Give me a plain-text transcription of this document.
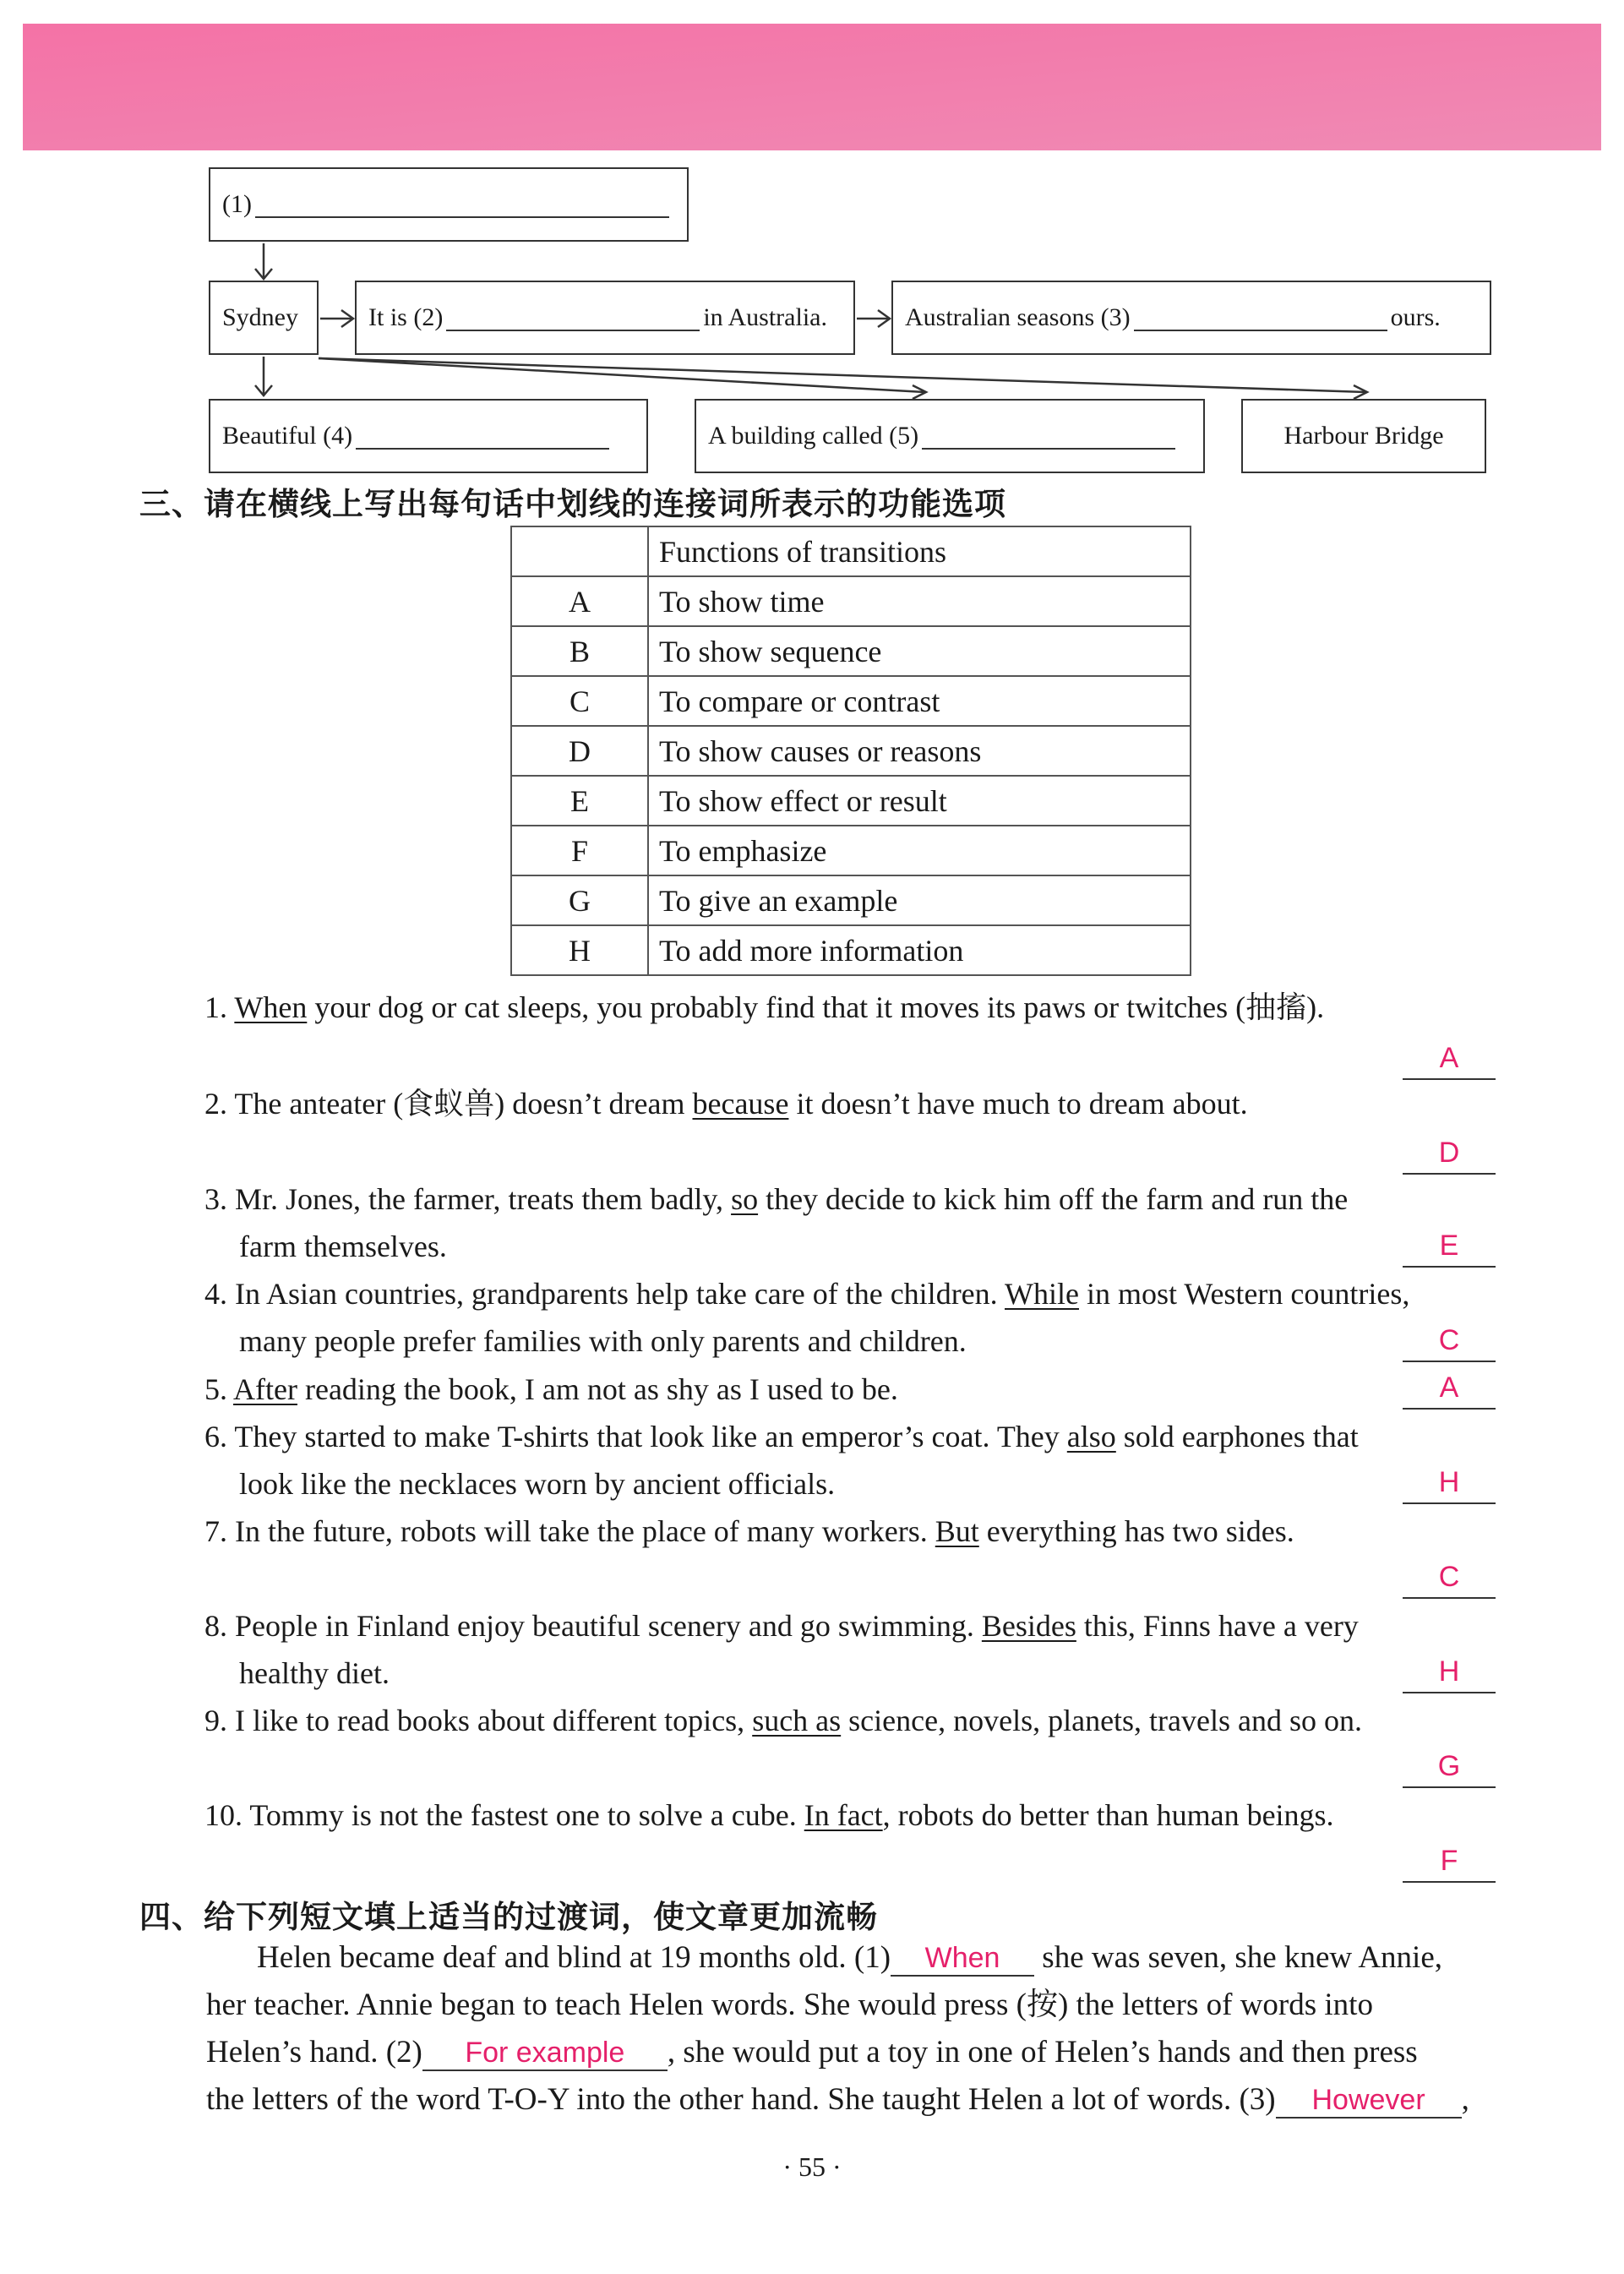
(1)
Sydney	It is (2)	in Australia.	Australian seasons (3)	ours.
Beautiful (4)	A building called (5)	Harbour Bridge
三、请在横线上写出每句话中划线的连接词所表示的功能选项
	Functions of transitions
A	To show time
B	To show sequence
C	To compare or contrast
D	To show causes or reasons
E	To show effect or result
F	To emphasize
G	To give an example
H	To add more information
1. When your dog or cat sleeps, you probably find that it moves its paws or twitches (抽搐).
A
2. The anteater (食蚁兽) doesn’t dream because it doesn’t have much to dream about.
D
3. Mr. Jones, the farmer, treats them badly, so they decide to kick him off the farm and run the
farm themselves.	E
4. In Asian countries, grandparents help take care of the children. While in most Western countries,
many people prefer families with only parents and children.	C
5. After reading the book, I am not as shy as I used to be.	A
6. They started to make T-shirts that look like an emperor’s coat. They also sold earphones that
look like the necklaces worn by ancient officials.	H
7. In the future, robots will take the place of many workers. But everything has two sides.
C
8. People in Finland enjoy beautiful scenery and go swimming. Besides this, Finns have a very
healthy diet.	H
9. I like to read books about different topics, such as science, novels, planets, travels and so on.
G
10. Tommy is not the fastest one to solve a cube. In fact, robots do better than human beings.
F
四、给下列短文填上适当的过渡词，使文章更加流畅
Helen became deaf and blind at 19 months old. (1) When she was seven, she knew Annie,
her teacher. Annie began to teach Helen words. She would press (按) the letters of words into
Helen’s hand. (2) For example , she would put a toy in one of Helen’s hands and then press
the letters of the word T-O-Y into the other hand. She taught Helen a lot of words. (3) However ,
· 55 ·
